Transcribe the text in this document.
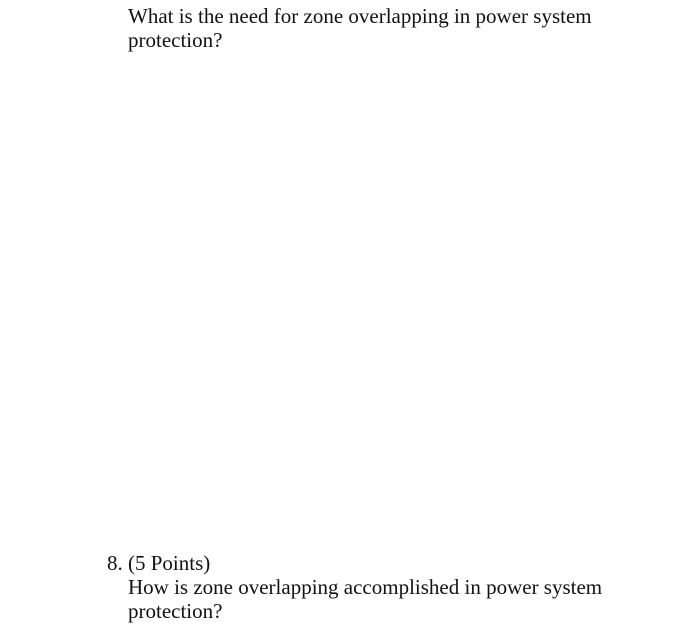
What is the need for zone overlapping in power system
protection?
8. (5 Points)
How is zone overlapping accomplished in power system
protection?
